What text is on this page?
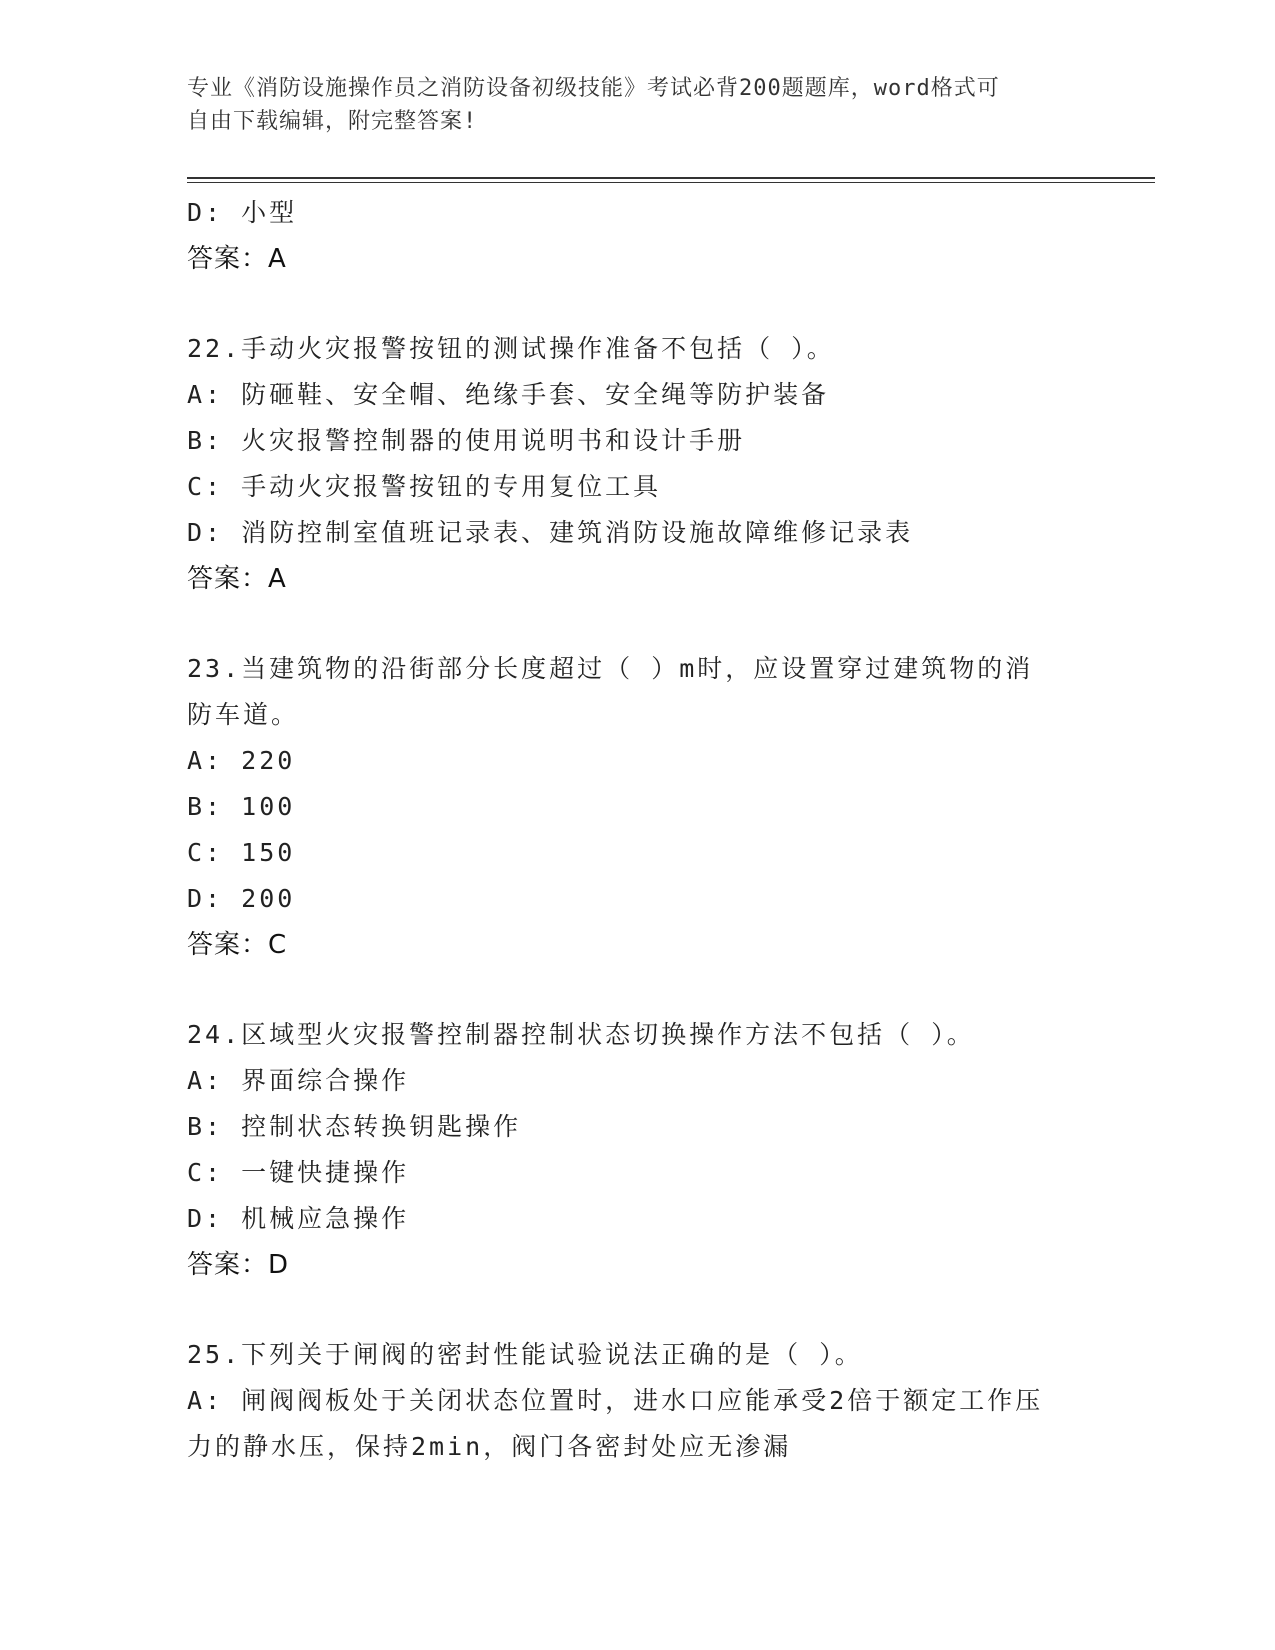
专业《消防设施操作员之消防设备初级技能》考试必背200题题库，word格式可
自由下载编辑，附完整答案!
D: 小型
答案：A
22.手动火灾报警按钮的测试操作准备不包括（ ）。
A: 防砸鞋、安全帽、绝缘手套、安全绳等防护装备
B: 火灾报警控制器的使用说明书和设计手册
C: 手动火灾报警按钮的专用复位工具
D: 消防控制室值班记录表、建筑消防设施故障维修记录表
答案：A
23.当建筑物的沿街部分长度超过（ ）m时，应设置穿过建筑物的消
防车道。
A: 220
B: 100
C: 150
D: 200
答案：C
24.区域型火灾报警控制器控制状态切换操作方法不包括（ ）。
A: 界面综合操作
B: 控制状态转换钥匙操作
C: 一键快捷操作
D: 机械应急操作
答案：D
25.下列关于闸阀的密封性能试验说法正确的是（ ）。
A: 闸阀阀板处于关闭状态位置时，进水口应能承受2倍于额定工作压
力的静水压，保持2min，阀门各密封处应无渗漏
